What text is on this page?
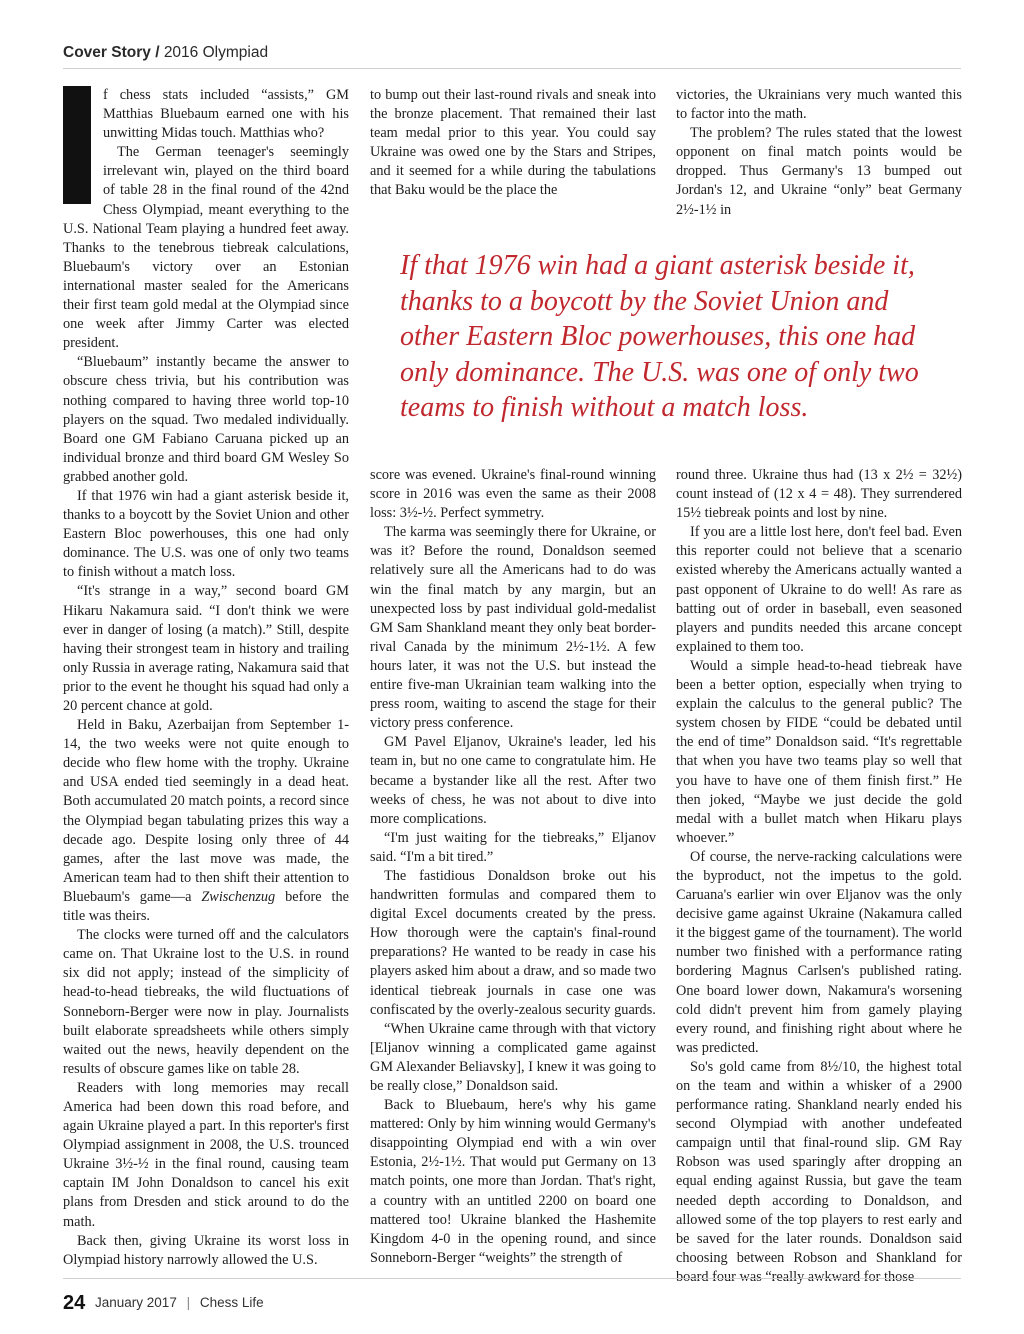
Cover Story / 2016 Olympiad

f chess stats included “assists,” GM Matthias Bluebaum earned one with his unwitting Midas touch. Matthias who?

The German teenager's seemingly irrelevant win, played on the third board of table 28 in the final round of the 42nd Chess Olympiad, meant everything to the U.S. National Team playing a hundred feet away. Thanks to the tenebrous tiebreak calculations, Bluebaum's victory over an Estonian international master sealed for the Americans their first team gold medal at the Olympiad since one week after Jimmy Carter was elected president.

“Bluebaum” instantly became the answer to obscure chess trivia, but his contribution was nothing compared to having three world top-10 players on the squad. Two medaled individually. Board one GM Fabiano Caruana picked up an individual bronze and third board GM Wesley So grabbed another gold.

If that 1976 win had a giant asterisk beside it, thanks to a boycott by the Soviet Union and other Eastern Bloc powerhouses, this one had only dominance. The U.S. was one of only two teams to finish without a match loss.

“It's strange in a way,” second board GM Hikaru Nakamura said. “I don't think we were ever in danger of losing (a match).” Still, despite having their strongest team in history and trailing only Russia in average rating, Nakamura said that prior to the event he thought his squad had only a 20 percent chance at gold.

Held in Baku, Azerbaijan from September 1-14, the two weeks were not quite enough to decide who flew home with the trophy. Ukraine and USA ended tied seemingly in a dead heat. Both accumulated 20 match points, a record since the Olympiad began tabulating prizes this way a decade ago. Despite losing only three of 44 games, after the last move was made, the American team had to then shift their attention to Bluebaum's game—a Zwischenzug before the title was theirs.

The clocks were turned off and the calculators came on. That Ukraine lost to the U.S. in round six did not apply; instead of the simplicity of head-to-head tiebreaks, the wild fluctuations of Sonneborn-Berger were now in play. Journalists built elaborate spreadsheets while others simply waited out the news, heavily dependent on the results of obscure games like on table 28.

Readers with long memories may recall America had been down this road before, and again Ukraine played a part. In this reporter's first Olympiad assignment in 2008, the U.S. trounced Ukraine 3½-½ in the final round, causing team captain IM John Donaldson to cancel his exit plans from Dresden and stick around to do the math.

Back then, giving Ukraine its worst loss in Olympiad history narrowly allowed the U.S.

to bump out their last-round rivals and sneak into the bronze placement. That remained their last team medal prior to this year. You could say Ukraine was owed one by the Stars and Stripes, and it seemed for a while during the tabulations that Baku would be the place the

victories, the Ukrainians very much wanted this to factor into the math.

The problem? The rules stated that the lowest opponent on final match points would be dropped. Thus Germany's 13 bumped out Jordan's 12, and Ukraine “only” beat Germany 2½-1½ in

If that 1976 win had a giant asterisk beside it, thanks to a boycott by the Soviet Union and other Eastern Bloc powerhouses, this one had only dominance. The U.S. was one of only two teams to finish without a match loss.

score was evened. Ukraine's final-round winning score in 2016 was even the same as their 2008 loss: 3½-½. Perfect symmetry.

The karma was seemingly there for Ukraine, or was it? Before the round, Donaldson seemed relatively sure all the Americans had to do was win the final match by any margin, but an unexpected loss by past individual gold-medalist GM Sam Shankland meant they only beat border-rival Canada by the minimum 2½-1½. A few hours later, it was not the U.S. but instead the entire five-man Ukrainian team walking into the press room, waiting to ascend the stage for their victory press conference.

GM Pavel Eljanov, Ukraine's leader, led his team in, but no one came to congratulate him. He became a bystander like all the rest. After two weeks of chess, he was not about to dive into more complications.

“I'm just waiting for the tiebreaks,” Eljanov said. “I'm a bit tired.”

The fastidious Donaldson broke out his handwritten formulas and compared them to digital Excel documents created by the press. How thorough were the captain's final-round preparations? He wanted to be ready in case his players asked him about a draw, and so made two identical tiebreak journals in case one was confiscated by the overly-zealous security guards.

“When Ukraine came through with that victory [Eljanov winning a complicated game against GM Alexander Beliavsky], I knew it was going to be really close,” Donaldson said.

Back to Bluebaum, here's why his game mattered: Only by him winning would Germany's disappointing Olympiad end with a win over Estonia, 2½-1½. That would put Germany on 13 match points, one more than Jordan. That's right, a country with an untitled 2200 on board one mattered too! Ukraine blanked the Hashemite Kingdom 4-0 in the opening round, and since Sonneborn-Berger “weights” the strength of

round three. Ukraine thus had (13 x 2½ = 32½) count instead of (12 x 4 = 48). They surrendered 15½ tiebreak points and lost by nine.

If you are a little lost here, don't feel bad. Even this reporter could not believe that a scenario existed whereby the Americans actually wanted a past opponent of Ukraine to do well! As rare as batting out of order in baseball, even seasoned players and pundits needed this arcane concept explained to them too.

Would a simple head-to-head tiebreak have been a better option, especially when trying to explain the calculus to the general public? The system chosen by FIDE “could be debated until the end of time” Donaldson said. “It's regrettable that when you have two teams play so well that you have to have one of them finish first.” He then joked, “Maybe we just decide the gold medal with a bullet match when Hikaru plays whoever.”

Of course, the nerve-racking calculations were the byproduct, not the impetus to the gold. Caruana's earlier win over Eljanov was the only decisive game against Ukraine (Nakamura called it the biggest game of the tournament). The world number two finished with a performance rating bordering Magnus Carlsen's published rating. One board lower down, Nakamura's worsening cold didn't prevent him from gamely playing every round, and finishing right about where he was predicted.

So's gold came from 8½/10, the highest total on the team and within a whisker of a 2900 performance rating. Shankland nearly ended his second Olympiad with another undefeated campaign until that final-round slip. GM Ray Robson was used sparingly after dropping an equal ending against Russia, but gave the team needed depth according to Donaldson, and allowed some of the top players to rest early and be saved for the later rounds. Donaldson said choosing between Robson and Shankland for board four was “really awkward for those

24 January 2017 | Chess Life
